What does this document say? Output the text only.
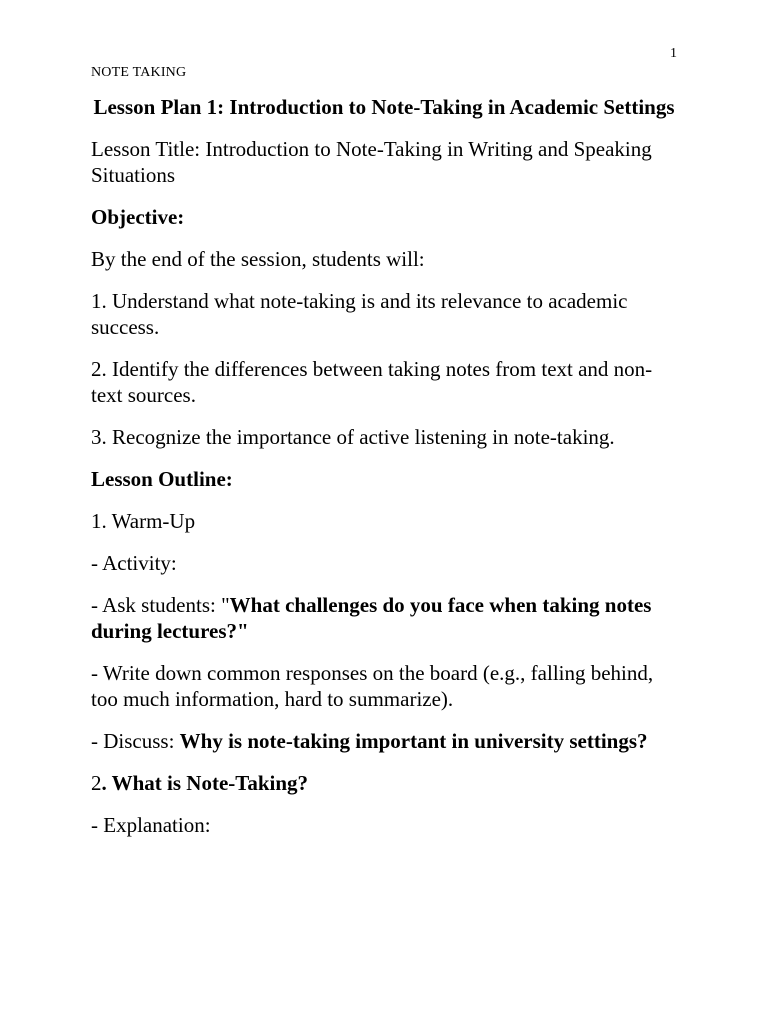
1
NOTE TAKING
Lesson Plan 1: Introduction to Note-Taking in Academic Settings
Lesson Title: Introduction to Note-Taking in Writing and Speaking Situations
Objective:
By the end of the session, students will:
1. Understand what note-taking is and its relevance to academic success.
2. Identify the differences between taking notes from text and non-text sources.
3. Recognize the importance of active listening in note-taking.
Lesson Outline:
1. Warm-Up
- Activity:
- Ask students: "What challenges do you face when taking notes during lectures?"
- Write down common responses on the board (e.g., falling behind, too much information, hard to summarize).
- Discuss: Why is note-taking important in university settings?
2. What is Note-Taking?
- Explanation:
